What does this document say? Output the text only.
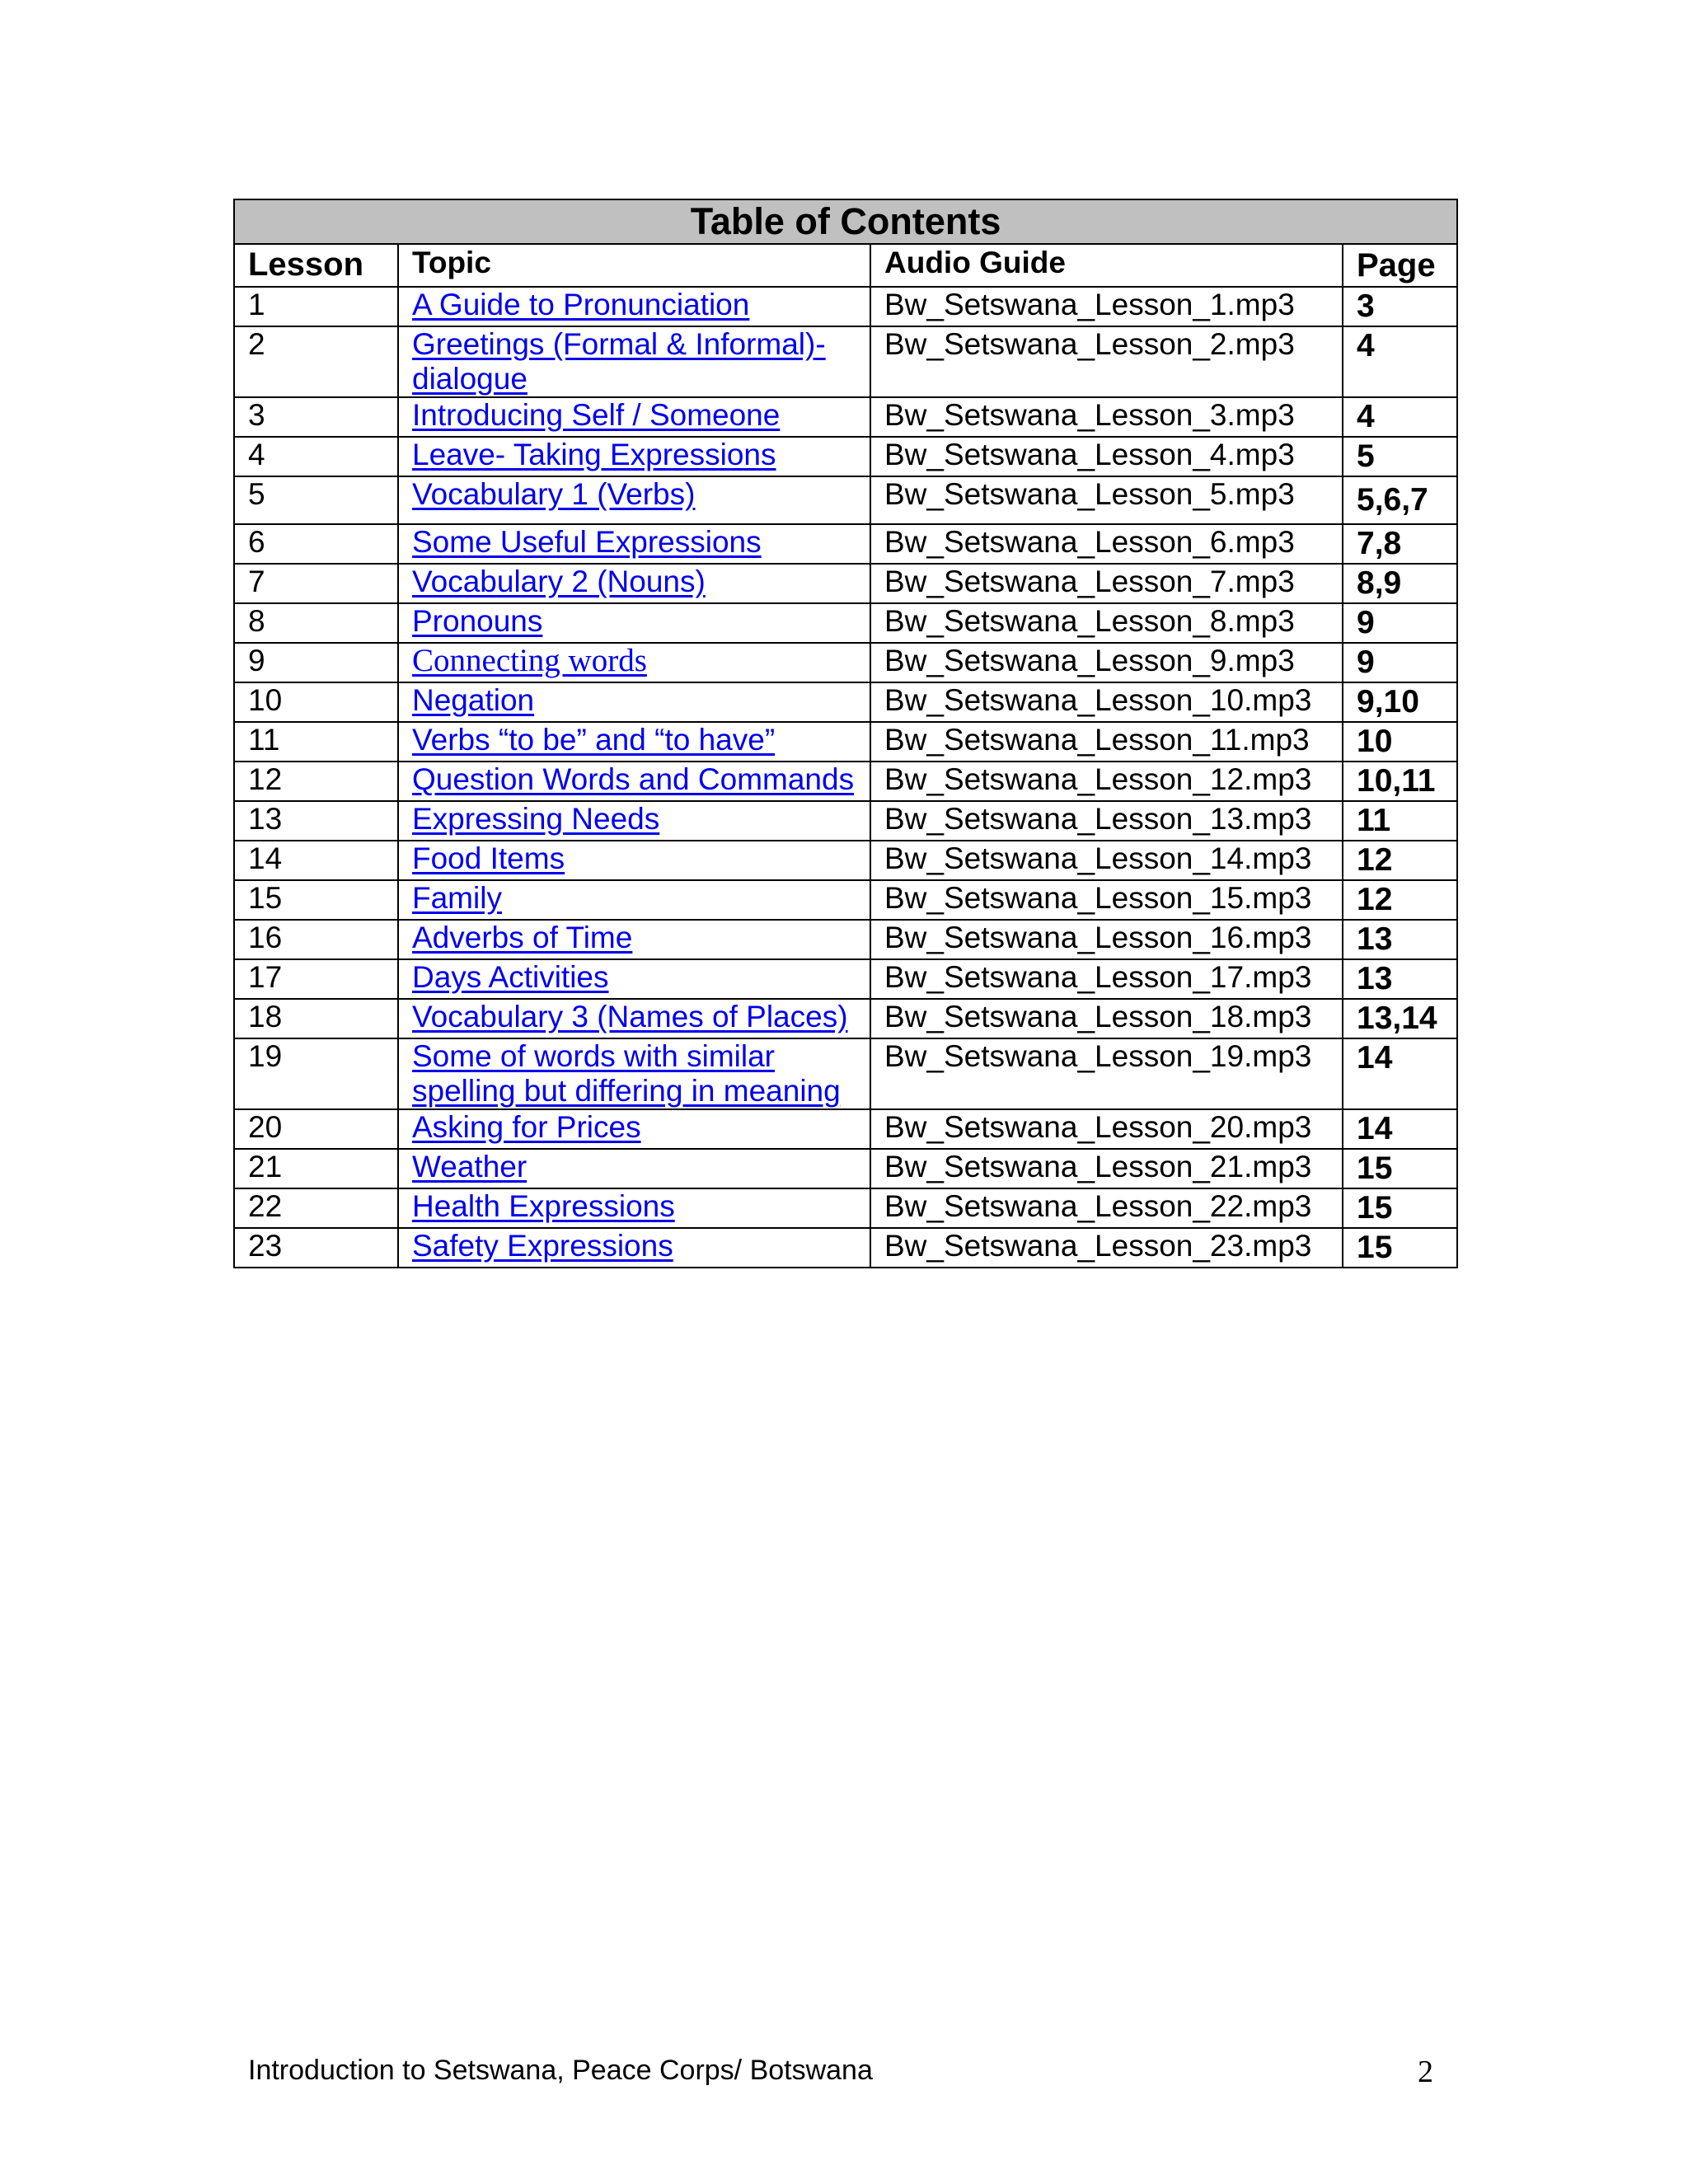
Table of Contents			
Lesson	Topic	Audio Guide	Page
1	A Guide to Pronunciation	Bw_Setswana_Lesson_1.mp3	3
2	Greetings (Formal & Informal)- dialogue	Bw_Setswana_Lesson_2.mp3	4
3	Introducing Self / Someone	Bw_Setswana_Lesson_3.mp3	4
4	Leave- Taking Expressions	Bw_Setswana_Lesson_4.mp3	5
5	Vocabulary 1 (Verbs)	Bw_Setswana_Lesson_5.mp3	5,6,7
6	Some Useful Expressions	Bw_Setswana_Lesson_6.mp3	7,8
7	Vocabulary 2 (Nouns)	Bw_Setswana_Lesson_7.mp3	8,9
8	Pronouns	Bw_Setswana_Lesson_8.mp3	9
9	Connecting words	Bw_Setswana_Lesson_9.mp3	9
10	Negation	Bw_Setswana_Lesson_10.mp3	9,10
11	Verbs “to be” and “to have”	Bw_Setswana_Lesson_11.mp3	10
12	Question Words and Commands	Bw_Setswana_Lesson_12.mp3	10,11
13	Expressing Needs	Bw_Setswana_Lesson_13.mp3	11
14	Food Items	Bw_Setswana_Lesson_14.mp3	12
15	Family	Bw_Setswana_Lesson_15.mp3	12
16	Adverbs of Time	Bw_Setswana_Lesson_16.mp3	13
17	Days Activities	Bw_Setswana_Lesson_17.mp3	13
18	Vocabulary 3 (Names of Places)	Bw_Setswana_Lesson_18.mp3	13,14
19	Some of words with similar spelling but differing in meaning	Bw_Setswana_Lesson_19.mp3	14
20	Asking for Prices	Bw_Setswana_Lesson_20.mp3	14
21	Weather	Bw_Setswana_Lesson_21.mp3	15
22	Health Expressions	Bw_Setswana_Lesson_22.mp3	15
23	Safety Expressions	Bw_Setswana_Lesson_23.mp3	15
Introduction to Setswana, Peace Corps/ Botswana	2
